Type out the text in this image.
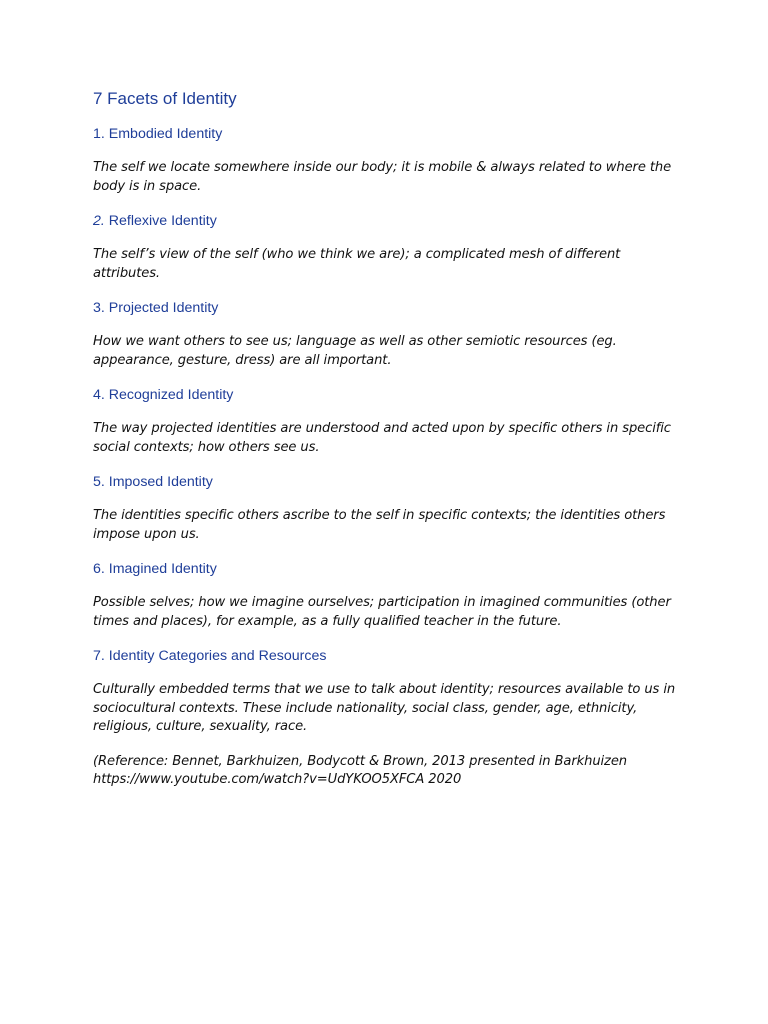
7 Facets of Identity
1. Embodied Identity

The self we locate somewhere inside our body; it is mobile & always related to where the body is in space.

2. Reflexive Identity

The self’s view of the self (who we think we are); a complicated mesh of different attributes.

3. Projected Identity

How we want others to see us; language as well as other semiotic resources (eg. appearance, gesture, dress) are all important.

4. Recognized Identity

The way projected identities are understood and acted upon by specific others in specific social contexts; how others see us.

5. Imposed Identity

The identities specific others ascribe to the self in specific contexts; the identities others impose upon us.

6. Imagined Identity

Possible selves; how we imagine ourselves; participation in imagined communities (other times and places), for example, as a fully qualified teacher in the future.

7. Identity Categories and Resources

Culturally embedded terms that we use to talk about identity; resources available to us in sociocultural contexts. These include nationality, social class, gender, age, ethnicity, religious, culture, sexuality, race.

(Reference: Bennet, Barkhuizen, Bodycott & Brown, 2013 presented in Barkhuizen
https://www.youtube.com/watch?v=UdYKOO5XFCA 2020
